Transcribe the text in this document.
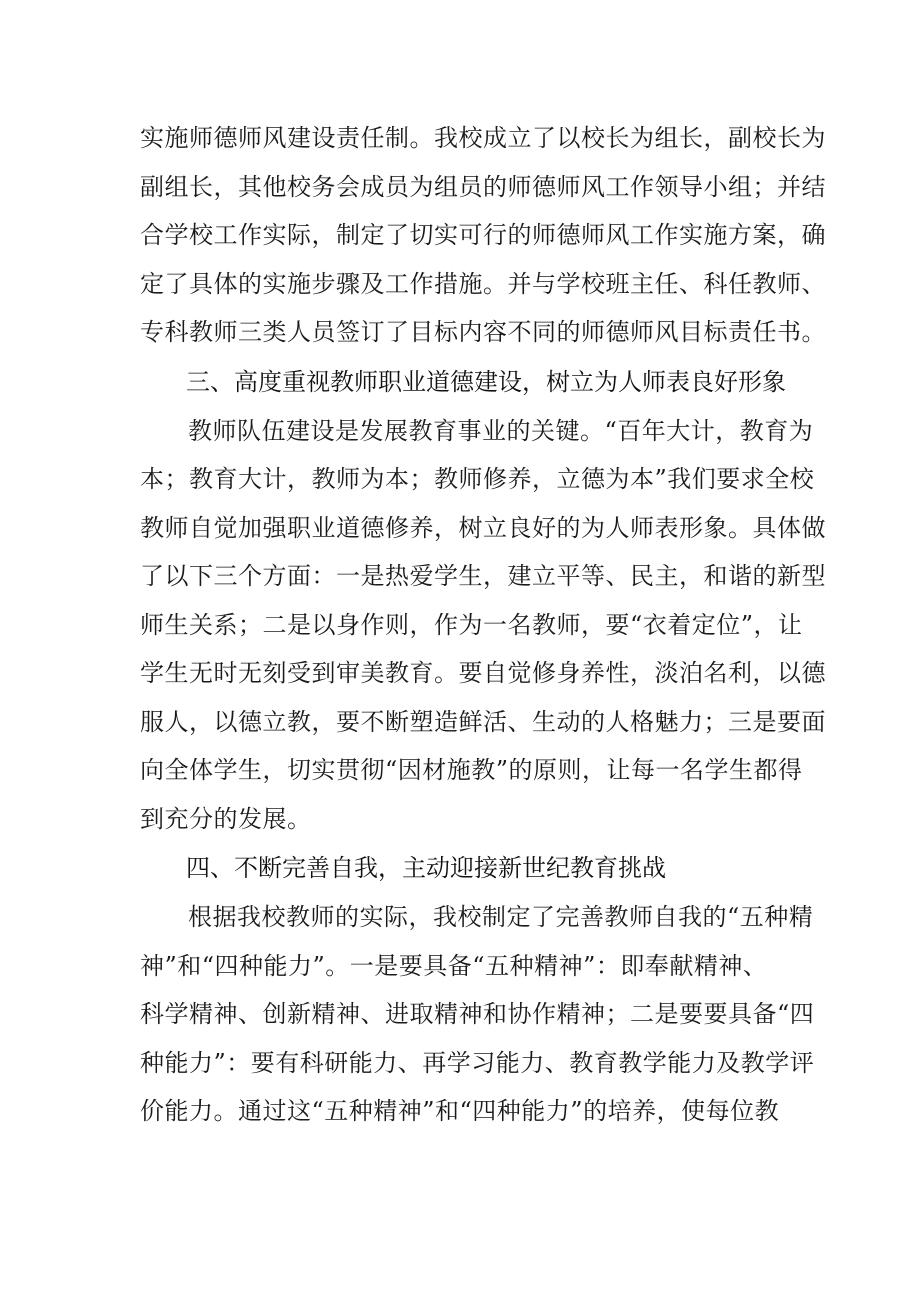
实施师德师风建设责任制。我校成立了以校长为组长，副校长为
副组长，其他校务会成员为组员的师德师风工作领导小组；并结
合学校工作实际，制定了切实可行的师德师风工作实施方案，确
定了具体的实施步骤及工作措施。并与学校班主任、科任教师、
专科教师三类人员签订了目标内容不同的师德师风目标责任书。
三、高度重视教师职业道德建设，树立为人师表良好形象
教师队伍建设是发展教育事业的关键。“百年大计，教育为
本；教育大计，教师为本；教师修养，立德为本”我们要求全校
教师自觉加强职业道德修养，树立良好的为人师表形象。具体做
了以下三个方面：一是热爱学生，建立平等、民主，和谐的新型
师生关系；二是以身作则，作为一名教师，要“衣着定位”，让
学生无时无刻受到审美教育。要自觉修身养性，淡泊名利，以德
服人，以德立教，要不断塑造鲜活、生动的人格魅力；三是要面
向全体学生，切实贯彻“因材施教”的原则，让每一名学生都得
到充分的发展。
四、不断完善自我，主动迎接新世纪教育挑战
根据我校教师的实际，我校制定了完善教师自我的“五种精
神”和“四种能力”。一是要具备“五种精神”：即奉献精神、
科学精神、创新精神、进取精神和协作精神；二是要要具备“四
种能力”：要有科研能力、再学习能力、教育教学能力及教学评
价能力。通过这“五种精神”和“四种能力”的培养，使每位教
